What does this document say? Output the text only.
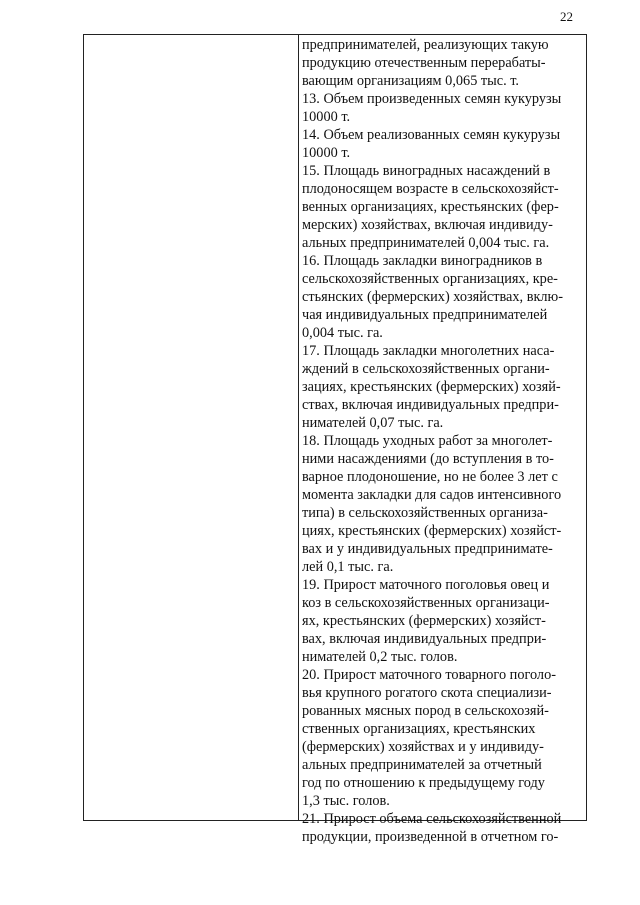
22
предпринимателей, реализующих такую
продукцию отечественным перерабаты-
вающим организациям 0,065 тыс. т.
13. Объем произведенных семян кукурузы
10000 т.
14. Объем реализованных семян кукурузы
10000 т.
15. Площадь виноградных насаждений в
плодоносящем возрасте в сельскохозяйст-
венных организациях, крестьянских (фер-
мерских) хозяйствах, включая индивиду-
альных предпринимателей 0,004 тыс. га.
16. Площадь закладки виноградников в
сельскохозяйственных организациях, кре-
стьянских (фермерских) хозяйствах, вклю-
чая индивидуальных предпринимателей
0,004 тыс. га.
17. Площадь закладки многолетних наса-
ждений в сельскохозяйственных органи-
зациях, крестьянских (фермерских) хозяй-
ствах, включая индивидуальных предпри-
нимателей 0,07 тыс. га.
18. Площадь уходных работ за многолет-
ними насаждениями (до вступления в то-
варное плодоношение, но не более 3 лет с
момента закладки для садов интенсивного
типа) в сельскохозяйственных организа-
циях, крестьянских (фермерских) хозяйст-
вах и у индивидуальных предпринимате-
лей 0,1 тыс. га.
19. Прирост маточного поголовья овец и
коз в сельскохозяйственных организаци-
ях, крестьянских (фермерских) хозяйст-
вах, включая индивидуальных предпри-
нимателей 0,2 тыс. голов.
20. Прирост маточного товарного поголо-
вья крупного рогатого скота специализи-
рованных мясных пород в сельскохозяй-
ственных организациях, крестьянских
(фермерских) хозяйствах и у индивиду-
альных предпринимателей за отчетный
год по отношению к предыдущему году
1,3 тыс. голов.
21. Прирост объема сельскохозяйственной
продукции, произведенной в отчетном го-
